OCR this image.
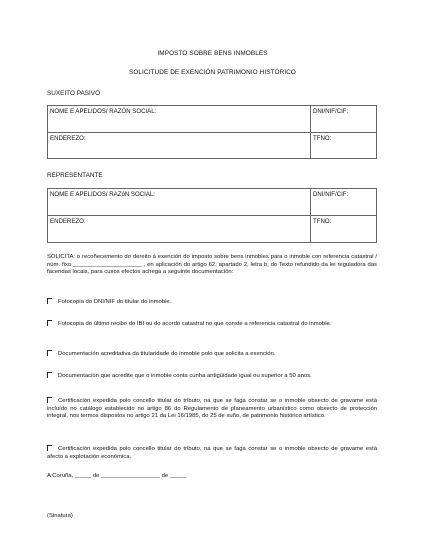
IMPOSTO SOBRE BENS INMOBLES
SOLICITUDE DE EXENCIÓN PATRIMONIO HISTÓRICO
SUXEITO PASIVO
NOME E APELIDOS/ RAZÓN SOCIAL:	DNI/NIF/CIF:
ENDEREZO:	TFNO:
REPRESENTANTE
NOME E APELIDOS/ RAZóN SOCIAL:	DNI/NIF/CIF:
ENDEREZO:	TFNO:
SOLICITA: o recoñecemento do dereito á exención do imposto sobre bens inmobles para o inmoble con referencia catastral / núm. fixo _____________________ , en aplicación do artigo 62, apartado 2, letra b, do Texto refundido da lei reguladora das facendas locais, para cuxos efectos achega a seguinte documentación:
Fotocopia do DNI/NIF do titular do inmoble.
Fotocopia do último recibo do IBI ou do acordo catastral no que conste a referencia catastral do inmoble.
Documentación acreditativa da titularidade do inmoble polo que solicita a exención.
Documentación que acredite que o inmoble conta cunha antigüidade igual ou superior a 50 anos.
Certificación expedida polo concello titular do tributo, na que se faga constar se o inmoble obxecto de gravame está incluído no catálogo establecido no artigo 86 do Regulamento de planeamento urbanístico como obxecto de protección integral, nos termos dispostos no artigo 21 da Lei 16/1985, do 25 de xuño, de patrimonio histórico artístico.
Certificación expedida polo concello titular do tributo, na que se faga constar se o inmoble obxecto de gravame está afecto a explotación económica.
A Coruña, _____ de __________________ de _____
(Sinatura)
